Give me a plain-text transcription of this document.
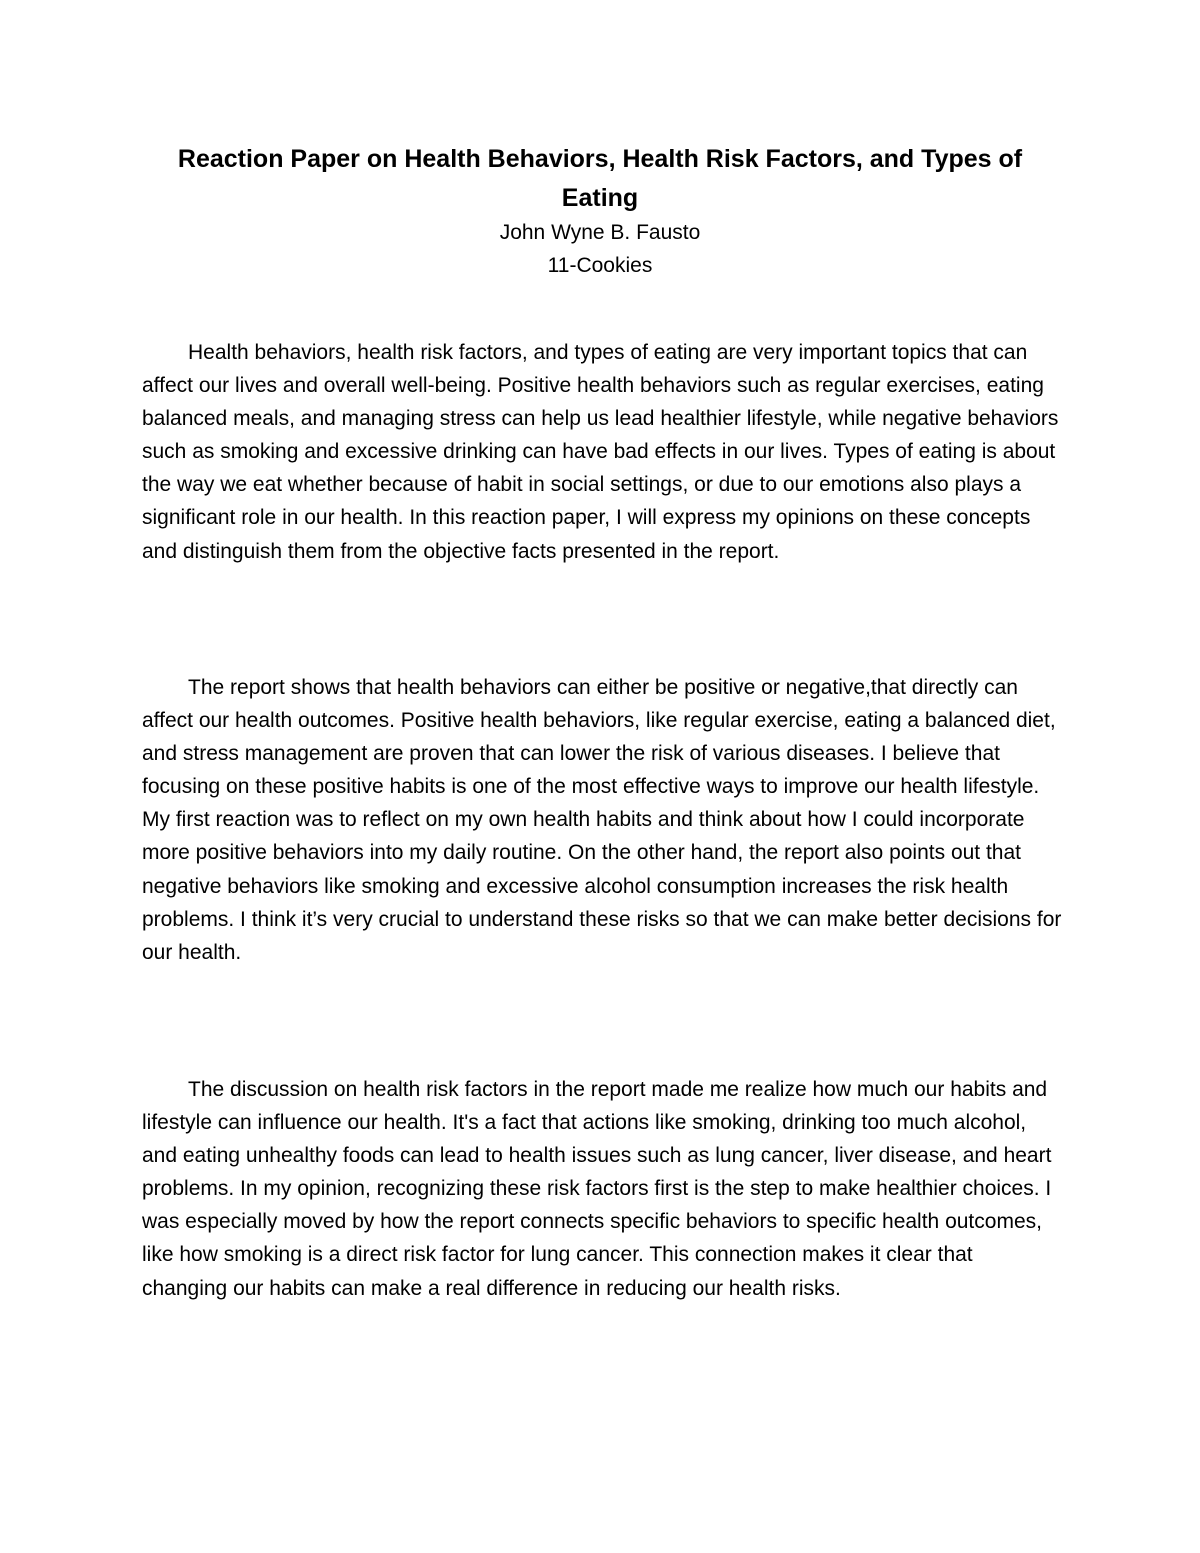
Reaction Paper on Health Behaviors, Health Risk Factors, and Types of Eating

John Wyne B. Fausto

11-Cookies

Health behaviors, health risk factors, and types of eating are very important topics that can affect our lives and overall well-being. Positive health behaviors such as regular exercises, eating balanced meals, and managing stress can help us lead healthier lifestyle, while negative behaviors such as smoking and excessive drinking can have bad effects in our lives. Types of eating is about the way we eat whether because of habit in social settings, or due to our emotions also plays a significant role in our health. In this reaction paper, I will express my opinions on these concepts and distinguish them from the objective facts presented in the report.

The report shows that health behaviors can either be positive or negative,that directly can affect our health outcomes. Positive health behaviors, like regular exercise, eating a balanced diet, and stress management are proven that can lower the risk of various diseases. I believe that focusing on these positive habits is one of the most effective ways to improve our health lifestyle. My first reaction was to reflect on my own health habits and think about how I could incorporate more positive behaviors into my daily routine. On the other hand, the report also points out that negative behaviors like smoking and excessive alcohol consumption increases the risk health problems. I think it’s very crucial to understand these risks so that we can make better decisions for our health.

The discussion on health risk factors in the report made me realize how much our habits and lifestyle can influence our health. It's a fact that actions like smoking, drinking too much alcohol, and eating unhealthy foods can lead to health issues such as lung cancer, liver disease, and heart problems. In my opinion, recognizing these risk factors first is the step to make healthier choices. I was especially moved by how the report connects specific behaviors to specific health outcomes, like how smoking is a direct risk factor for lung cancer. This connection makes it clear that changing our habits can make a real difference in reducing our health risks.
